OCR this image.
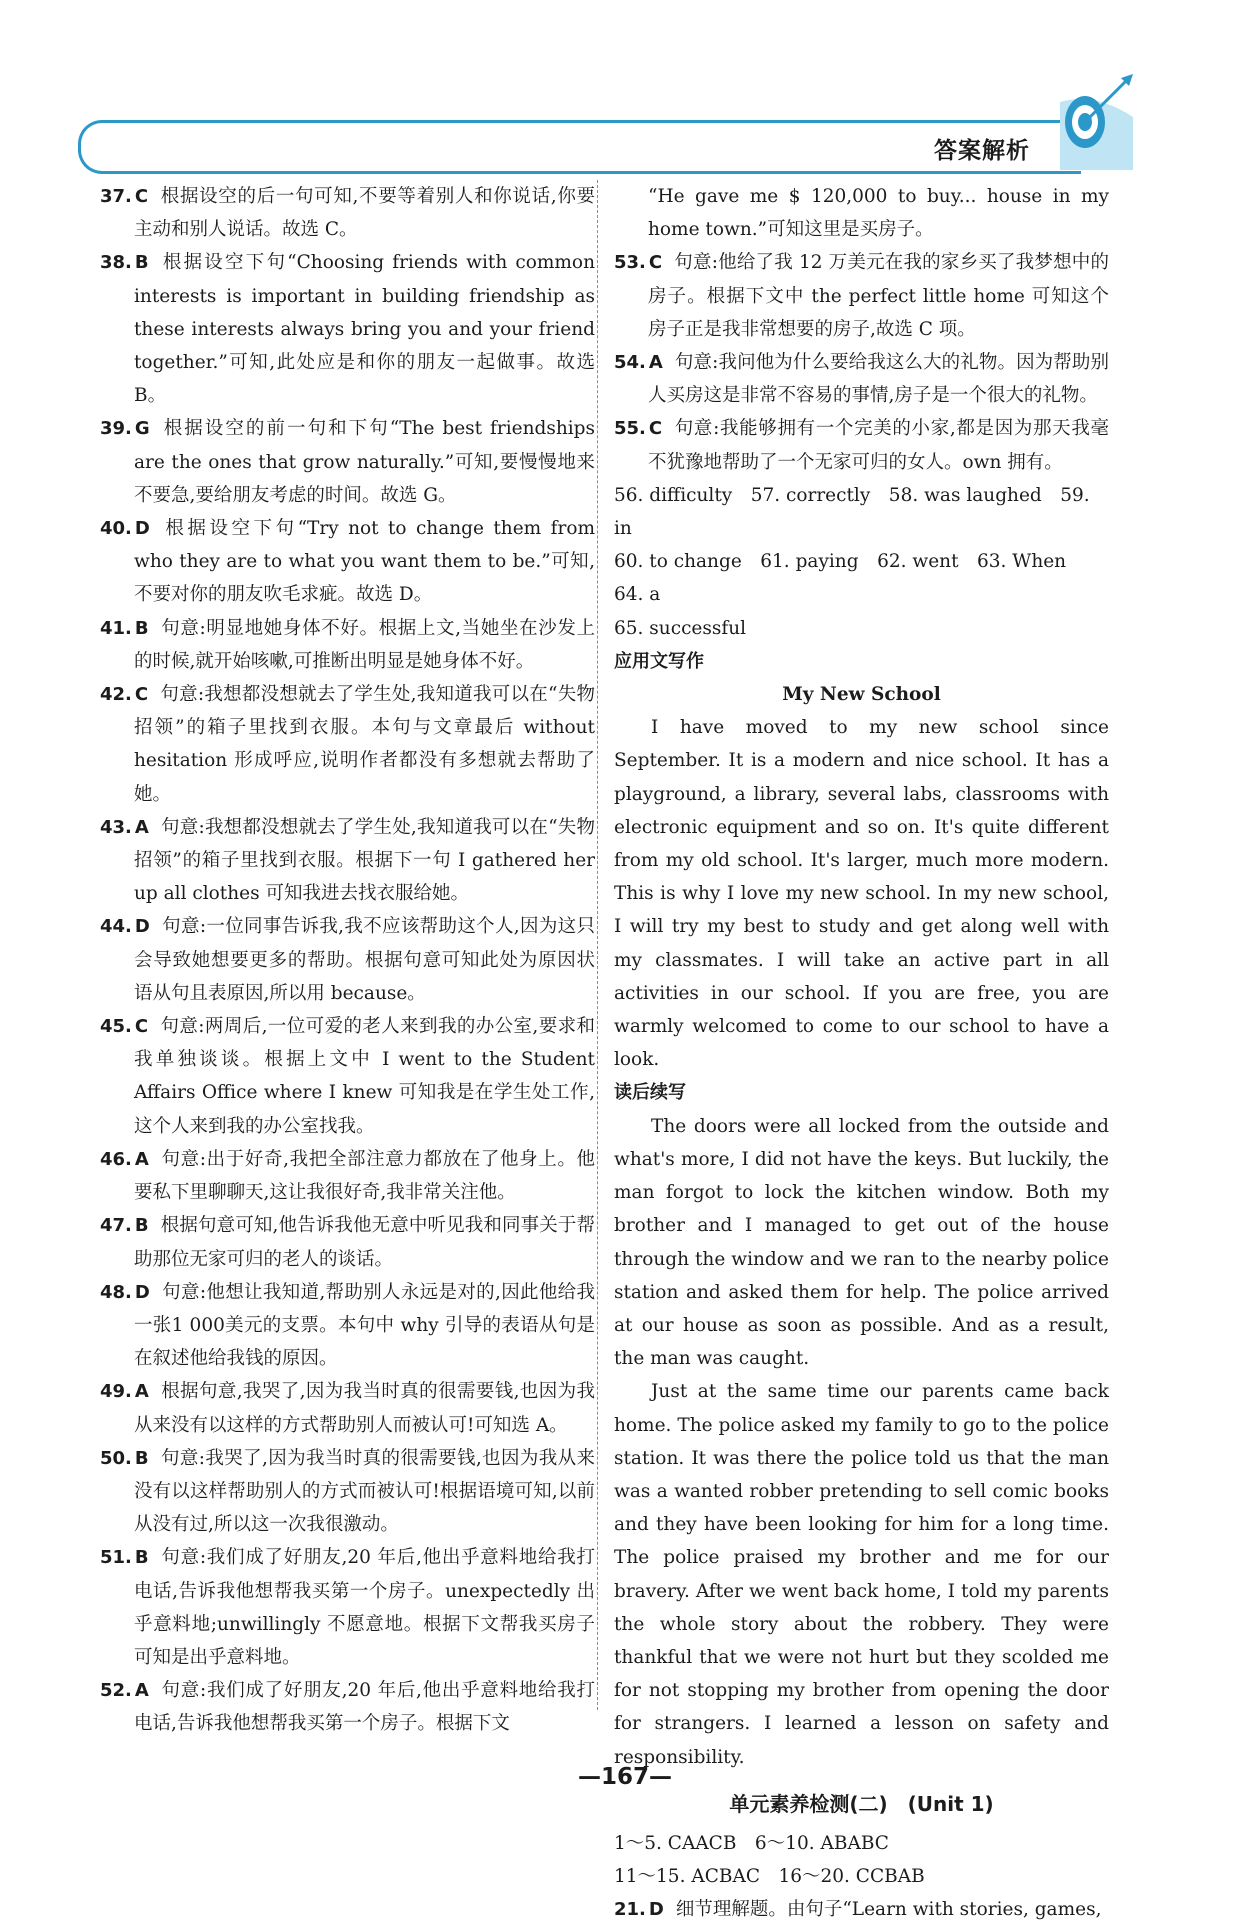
答案解析
37. C 根据设空的后一句可知,不要等着别人和你说话,你要主动和别人说话。故选 C。
38. B 根据设空下句“Choosing friends with common interests is important in building friendship as these interests always bring you and your friend together.”可知,此处应是和你的朋友一起做事。故选 B。
39. G 根据设空的前一句和下句“The best friendships are the ones that grow naturally.”可知,要慢慢地来不要急,要给朋友考虑的时间。故选 G。
40. D 根据设空下句“Try not to change them from who they are to what you want them to be.”可知,不要对你的朋友吹毛求疵。故选 D。
41. B 句意:明显地她身体不好。根据上文,当她坐在沙发上的时候,就开始咳嗽,可推断出明显是她身体不好。
42. C 句意:我想都没想就去了学生处,我知道我可以在“失物招领”的箱子里找到衣服。本句与文章最后 without hesitation 形成呼应,说明作者都没有多想就去帮助了她。
43. A 句意:我想都没想就去了学生处,我知道我可以在“失物招领”的箱子里找到衣服。根据下一句 I gathered her up all clothes 可知我进去找衣服给她。
44. D 句意:一位同事告诉我,我不应该帮助这个人,因为这只会导致她想要更多的帮助。根据句意可知此处为原因状语从句且表原因,所以用 because。
45. C 句意:两周后,一位可爱的老人来到我的办公室,要求和我单独谈谈。根据上文中 I went to the Student Affairs Office where I knew 可知我是在学生处工作,这个人来到我的办公室找我。
46. A 句意:出于好奇,我把全部注意力都放在了他身上。他要私下里聊聊天,这让我很好奇,我非常关注他。
47. B 根据句意可知,他告诉我他无意中听见我和同事关于帮助那位无家可归的老人的谈话。
48. D 句意:他想让我知道,帮助别人永远是对的,因此他给我一张1 000美元的支票。本句中 why 引导的表语从句是在叙述他给我钱的原因。
49. A 根据句意,我哭了,因为我当时真的很需要钱,也因为我从来没有以这样的方式帮助别人而被认可!可知选 A。
50. B 句意:我哭了,因为我当时真的很需要钱,也因为我从来没有以这样帮助别人的方式而被认可!根据语境可知,以前从没有过,所以这一次我很激动。
51. B 句意:我们成了好朋友,20 年后,他出乎意料地给我打电话,告诉我他想帮我买第一个房子。unexpectedly 出乎意料地;unwillingly 不愿意地。根据下文帮我买房子可知是出乎意料地。
52. A 句意:我们成了好朋友,20 年后,他出乎意料地给我打电话,告诉我他想帮我买第一个房子。根据下文
“He gave me $ 120,000 to buy... house in my home town.”可知这里是买房子。
53. C 句意:他给了我 12 万美元在我的家乡买了我梦想中的房子。根据下文中 the perfect little home 可知这个房子正是我非常想要的房子,故选 C 项。
54. A 句意:我问他为什么要给我这么大的礼物。因为帮助别人买房这是非常不容易的事情,房子是一个很大的礼物。
55. C 句意:我能够拥有一个完美的小家,都是因为那天我毫不犹豫地帮助了一个无家可归的女人。own 拥有。
56. difficulty　57. correctly　58. was laughed　59. in
60. to change　61. paying　62. went　63. When　64. a
65. successful
应用文写作
My New School
I have moved to my new school since September. It is a modern and nice school. It has a playground, a library, several labs, classrooms with electronic equipment and so on. It's quite different from my old school. It's larger, much more modern. This is why I love my new school. In my new school, I will try my best to study and get along well with my classmates. I will take an active part in all activities in our school. If you are free, you are warmly welcomed to come to our school to have a look.
读后续写
The doors were all locked from the outside and what's more, I did not have the keys. But luckily, the man forgot to lock the kitchen window. Both my brother and I managed to get out of the house through the window and we ran to the nearby police station and asked them for help. The police arrived at our house as soon as possible. And as a result, the man was caught.
Just at the same time our parents came back home. The police asked my family to go to the police station. It was there the police told us that the man was a wanted robber pretending to sell comic books and they have been looking for him for a long time. The police praised my brother and me for our bravery. After we went back home, I told my parents the whole story about the robbery. They were thankful that we were not hurt but they scolded me for not stopping my brother from opening the door for strangers. I learned a lesson on safety and responsibility.
单元素养检测(二)　(Unit 1)
1～5. CAACB　6～10. ABABC
11～15. ACBAC　16～20. CCBAB
21. D 细节理解题。由句子“Learn with stories, games,
—167—
